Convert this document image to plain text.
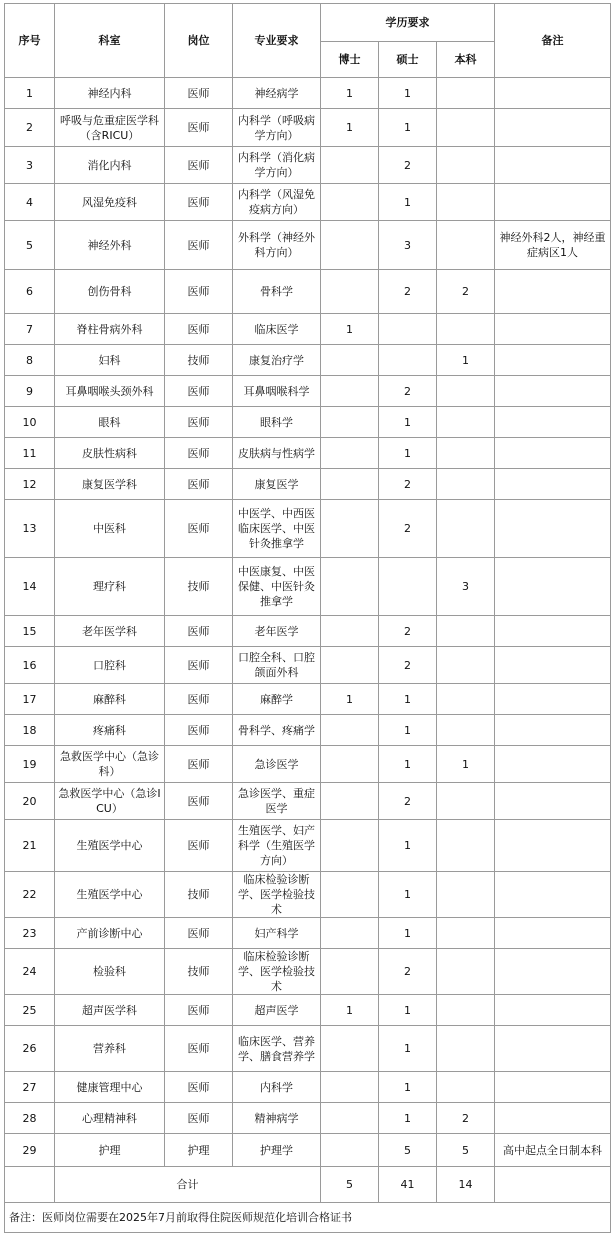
序号	科室	岗位	专业要求	学历要求			备注
				博士	硕士	本科	
1	神经内科	医师	神经病学	1	1		
2	呼吸与危重症医学科（含RICU）	医师	内科学（呼吸病学方向）	1	1		
3	消化内科	医师	内科学（消化病学方向）		2		
4	风湿免疫科	医师	内科学（风湿免疫病方向）		1		
5	神经外科	医师	外科学（神经外科方向）		3		神经外科2人，神经重症病区1人
6	创伤骨科	医师	骨科学		2	2	
7	脊柱骨病外科	医师	临床医学	1			
8	妇科	技师	康复治疗学			1	
9	耳鼻咽喉头颈外科	医师	耳鼻咽喉科学		2		
10	眼科	医师	眼科学		1		
11	皮肤性病科	医师	皮肤病与性病学		1		
12	康复医学科	医师	康复医学		2		
13	中医科	医师	中医学、中西医临床医学、中医针灸推拿学		2		
14	理疗科	技师	中医康复、中医保健、中医针灸推拿学			3	
15	老年医学科	医师	老年医学		2		
16	口腔科	医师	口腔全科、口腔颌面外科		2		
17	麻醉科	医师	麻醉学	1	1		
18	疼痛科	医师	骨科学、疼痛学		1		
19	急救医学中心（急诊科）	医师	急诊医学		1	1	
20	急救医学中心（急诊ICU）	医师	急诊医学、重症医学		2		
21	生殖医学中心	医师	生殖医学、妇产科学（生殖医学方向）		1		
22	生殖医学中心	技师	临床检验诊断学、医学检验技术		1		
23	产前诊断中心	医师	妇产科学		1		
24	检验科	技师	临床检验诊断学、医学检验技术		2		
25	超声医学科	医师	超声医学	1	1		
26	营养科	医师	临床医学、营养学、膳食营养学		1		
27	健康管理中心	医师	内科学		1		
28	心理精神科	医师	精神病学		1	2	
29	护理	护理	护理学		5	5	高中起点全日制本科
	合计			5	41	14	
备注：医师岗位需要在2025年7月前取得住院医师规范化培训合格证书							
